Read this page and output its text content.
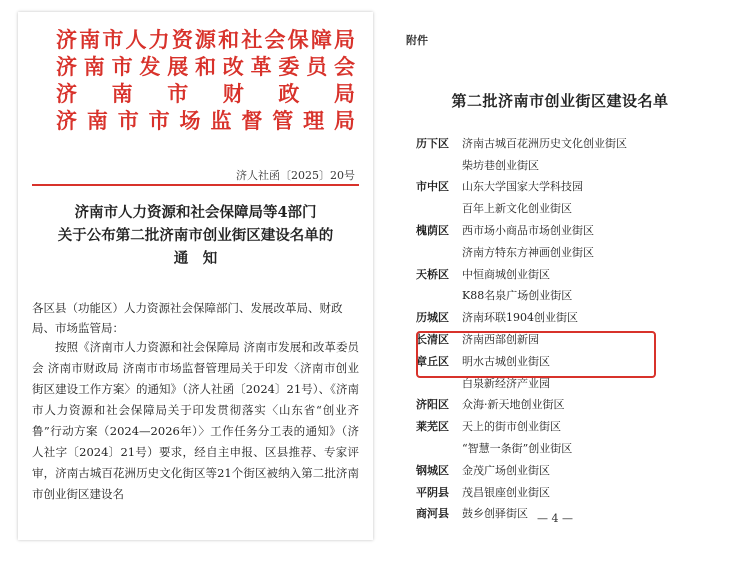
济南市人力资源和社会保障局
济南市发展和改革委员会
济南市财政局
济南市市场监督管理局
济人社函〔2025〕20号
济南市人力资源和社会保障局等4部门
关于公布第二批济南市创业街区建设名单的
通　知
各区县（功能区）人力资源社会保障部门、发展改革局、财政局、市场监管局：
按照《济南市人力资源和社会保障局 济南市发展和改革委员会 济南市财政局 济南市市场监督管理局关于印发〈济南市创业街区建设工作方案〉的通知》（济人社函〔2024〕21号）、《济南市人力资源和社会保障局关于印发贯彻落实〈山东省“创业齐鲁”行动方案（2024—2026年）〉工作任务分工表的通知》（济人社字〔2024〕21号）要求，经自主申报、区县推荐、专家评审，济南古城百花洲历史文化街区等21个街区被纳入第二批济南市创业街区建设名
附件
第二批济南市创业街区建设名单
历下区	济南古城百花洲历史文化创业街区
柴坊巷创业街区
市中区	山东大学国家大学科技园
百年上新文化创业街区
槐荫区	西市场小商品市场创业街区
济南方特东方神画创业街区
天桥区	中恒商城创业街区
K88名泉广场创业街区
历城区	济南环联1904创业街区
长清区	济南西部创新园
章丘区	明水古城创业街区
白泉新经济产业园
济阳区	众海·新天地创业街区
莱芜区	天上的街市创业街区
“智慧一条街”创业街区
钢城区	金茂广场创业街区
平阴县	茂昌银座创业街区
商河县	鼓乡创驿街区 — 4 —
